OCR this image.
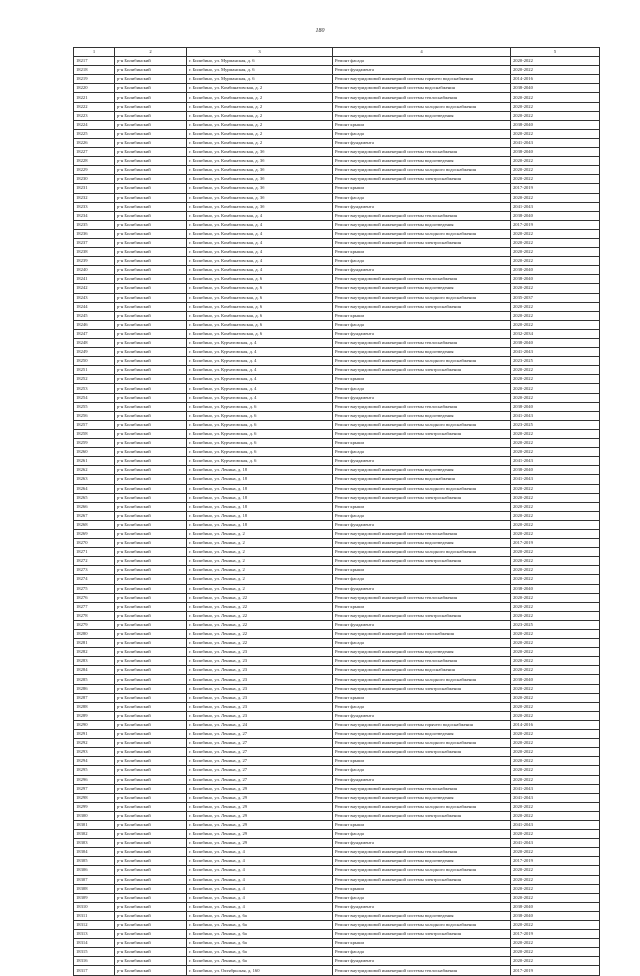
180
1	2	3	4	5
18217	р-н Билибинский	г. Билибино, ул. Мурманская, д. 6	Ремонт фасада	2020-2022
18218	р-н Билибинский	г. Билибино, ул. Мурманская, д. 6	Ремонт фундамента	2020-2022
18219	р-н Билибинский	г. Билибино, ул. Мурманская, д. 6	Ремонт внутридомовой инженерной системы горячего водоснабжения	2014-2016
18220	р-н Билибинский	г. Билибино, ул. Комбинатовская, д. 2	Ремонт внутридомовой инженерной системы водоснабжения	2038-2040
18221	р-н Билибинский	г. Билибино, ул. Комбинатовская, д. 2	Ремонт внутридомовой инженерной системы теплоснабжения	2020-2022
18222	р-н Билибинский	г. Билибино, ул. Комбинатовская, д. 2	Ремонт внутридомовой инженерной системы холодного водоснабжения	2020-2022
18223	р-н Билибинский	г. Билибино, ул. Комбинатовская, д. 2	Ремонт внутридомовой инженерной системы водоотведения	2020-2022
18224	р-н Билибинский	г. Билибино, ул. Комбинатовская, д. 2	Ремонт крыши	2038-2040
18225	р-н Билибинский	г. Билибино, ул. Комбинатовская, д. 2	Ремонт фасада	2020-2022
18226	р-н Билибинский	г. Билибино, ул. Комбинатовская, д. 2	Ремонт фундамента	2041-2043
18227	р-н Билибинский	г. Билибино, ул. Комбинатовская, д. 3б	Ремонт внутридомовой инженерной системы теплоснабжения	2038-2040
18228	р-н Билибинский	г. Билибино, ул. Комбинатовская, д. 3б	Ремонт внутридомовой инженерной системы водоотведения	2020-2022
18229	р-н Билибинский	г. Билибино, ул. Комбинатовская, д. 3б	Ремонт внутридомовой инженерной системы холодного водоснабжения	2020-2022
18230	р-н Билибинский	г. Билибино, ул. Комбинатовская, д. 3б	Ремонт внутридомовой инженерной системы электроснабжения	2020-2022
18231	р-н Билибинский	г. Билибино, ул. Комбинатовская, д. 3б	Ремонт крыши	2017-2019
18232	р-н Билибинский	г. Билибино, ул. Комбинатовская, д. 3б	Ремонт фасада	2020-2022
18233	р-н Билибинский	г. Билибино, ул. Комбинатовская, д. 3б	Ремонт фундамента	2041-2043
18234	р-н Билибинский	г. Билибино, ул. Комбинатовская, д. 4	Ремонт внутридомовой инженерной системы теплоснабжения	2038-2040
18235	р-н Билибинский	г. Билибино, ул. Комбинатовская, д. 4	Ремонт внутридомовой инженерной системы водоотведения	2017-2019
18236	р-н Билибинский	г. Билибино, ул. Комбинатовская, д. 4	Ремонт внутридомовой инженерной системы холодного водоснабжения	2020-2022
18237	р-н Билибинский	г. Билибино, ул. Комбинатовская, д. 4	Ремонт внутридомовой инженерной системы электроснабжения	2020-2022
18238	р-н Билибинский	г. Билибино, ул. Комбинатовская, д. 4	Ремонт крыши	2020-2022
18239	р-н Билибинский	г. Билибино, ул. Комбинатовская, д. 4	Ремонт фасада	2020-2022
18240	р-н Билибинский	г. Билибино, ул. Комбинатовская, д. 4	Ремонт фундамента	2038-2040
18241	р-н Билибинский	г. Билибино, ул. Комбинатовская, д. 6	Ремонт внутридомовой инженерной системы теплоснабжения	2038-2040
18242	р-н Билибинский	г. Билибино, ул. Комбинатовская, д. 6	Ремонт внутридомовой инженерной системы водоотведения	2020-2022
18243	р-н Билибинский	г. Билибино, ул. Комбинатовская, д. 6	Ремонт внутридомовой инженерной системы холодного водоснабжения	2035-2037
18244	р-н Билибинский	г. Билибино, ул. Комбинатовская, д. 6	Ремонт внутридомовой инженерной системы электроснабжения	2020-2022
18245	р-н Билибинский	г. Билибино, ул. Комбинатовская, д. 6	Ремонт крыши	2020-2022
18246	р-н Билибинский	г. Билибино, ул. Комбинатовская, д. 6	Ремонт фасада	2020-2022
18247	р-н Билибинский	г. Билибино, ул. Комбинатовская, д. 6	Ремонт фундамента	2032-2034
18248	р-н Билибинский	г. Билибино, ул. Курчатовская, д. 4	Ремонт внутридомовой инженерной системы теплоснабжения	2038-2040
18249	р-н Билибинский	г. Билибино, ул. Курчатовская, д. 4	Ремонт внутридомовой инженерной системы водоотведения	2041-2043
18250	р-н Билибинский	г. Билибино, ул. Курчатовская, д. 4	Ремонт внутридомовой инженерной системы холодного водоснабжения	2023-2025
18251	р-н Билибинский	г. Билибино, ул. Курчатовская, д. 4	Ремонт внутридомовой инженерной системы электроснабжения	2020-2022
18252	р-н Билибинский	г. Билибино, ул. Курчатовская, д. 4	Ремонт крыши	2020-2022
18253	р-н Билибинский	г. Билибино, ул. Курчатовская, д. 4	Ремонт фасада	2020-2022
18254	р-н Билибинский	г. Билибино, ул. Курчатовская, д. 4	Ремонт фундамента	2020-2022
18255	р-н Билибинский	г. Билибино, ул. Курчатовская, д. 6	Ремонт внутридомовой инженерной системы теплоснабжения	2038-2040
18256	р-н Билибинский	г. Билибино, ул. Курчатовская, д. 6	Ремонт внутридомовой инженерной системы водоотведения	2041-2043
18257	р-н Билибинский	г. Билибино, ул. Курчатовская, д. 6	Ремонт внутридомовой инженерной системы холодного водоснабжения	2023-2025
18258	р-н Билибинский	г. Билибино, ул. Курчатовская, д. 6	Ремонт внутридомовой инженерной системы электроснабжения	2020-2022
18259	р-н Билибинский	г. Билибино, ул. Курчатовская, д. 6	Ремонт крыши	2020-2022
18260	р-н Билибинский	г. Билибино, ул. Курчатовская, д. 6	Ремонт фасада	2020-2022
18261	р-н Билибинский	г. Билибино, ул. Курчатовская, д. 6	Ремонт фундамента	2041-2043
18262	р-н Билибинский	г. Билибино, ул. Ленина, д. 18	Ремонт внутридомовой инженерной системы водоотведения	2038-2040
18263	р-н Билибинский	г. Билибино, ул. Ленина, д. 18	Ремонт внутридомовой инженерной системы водоснабжения	2041-2043
18264	р-н Билибинский	г. Билибино, ул. Ленина, д. 18	Ремонт внутридомовой инженерной системы холодного водоснабжения	2020-2022
18265	р-н Билибинский	г. Билибино, ул. Ленина, д. 18	Ремонт внутридомовой инженерной системы электроснабжения	2020-2022
18266	р-н Билибинский	г. Билибино, ул. Ленина, д. 18	Ремонт крыши	2020-2022
18267	р-н Билибинский	г. Билибино, ул. Ленина, д. 18	Ремонт фасада	2020-2022
18268	р-н Билибинский	г. Билибино, ул. Ленина, д. 18	Ремонт фундамента	2020-2022
18269	р-н Билибинский	г. Билибино, ул. Ленина, д. 2	Ремонт внутридомовой инженерной системы теплоснабжения	2020-2022
18270	р-н Билибинский	г. Билибино, ул. Ленина, д. 2	Ремонт внутридомовой инженерной системы водоотведения	2017-2019
18271	р-н Билибинский	г. Билибино, ул. Ленина, д. 2	Ремонт внутридомовой инженерной системы холодного водоснабжения	2020-2022
18272	р-н Билибинский	г. Билибино, ул. Ленина, д. 2	Ремонт внутридомовой инженерной системы электроснабжения	2020-2022
18273	р-н Билибинский	г. Билибино, ул. Ленина, д. 2	Ремонт крыши	2020-2022
18274	р-н Билибинский	г. Билибино, ул. Ленина, д. 2	Ремонт фасада	2020-2022
18275	р-н Билибинский	г. Билибино, ул. Ленина, д. 2	Ремонт фундамента	2038-2040
18276	р-н Билибинский	г. Билибино, ул. Ленина, д. 22	Ремонт внутридомовой инженерной системы теплоснабжения	2020-2022
18277	р-н Билибинский	г. Билибино, ул. Ленина, д. 22	Ремонт крыши	2020-2022
18278	р-н Билибинский	г. Билибино, ул. Ленина, д. 22	Ремонт внутридомовой инженерной системы электроснабжения	2020-2022
18279	р-н Билибинский	г. Билибино, ул. Ленина, д. 22	Ремонт фундамента	2023-2025
18280	р-н Билибинский	г. Билибино, ул. Ленина, д. 22	Ремонт внутридомовой инженерной системы газоснабжения	2020-2022
18281	р-н Билибинский	г. Билибино, ул. Ленина, д. 22	Ремонт фасада	2020-2022
18282	р-н Билибинский	г. Билибино, ул. Ленина, д. 23	Ремонт внутридомовой инженерной системы водоотведения	2020-2022
18283	р-н Билибинский	г. Билибино, ул. Ленина, д. 23	Ремонт внутридомовой инженерной системы теплоснабжения	2020-2022
18284	р-н Билибинский	г. Билибино, ул. Ленина, д. 23	Ремонт внутридомовой инженерной системы водоснабжения	2020-2022
18285	р-н Билибинский	г. Билибино, ул. Ленина, д. 23	Ремонт внутридомовой инженерной системы холодного водоснабжения	2038-2040
18286	р-н Билибинский	г. Билибино, ул. Ленина, д. 23	Ремонт внутридомовой инженерной системы электроснабжения	2020-2022
18287	р-н Билибинский	г. Билибино, ул. Ленина, д. 23	Ремонт крыши	2020-2022
18288	р-н Билибинский	г. Билибино, ул. Ленина, д. 23	Ремонт фасада	2020-2022
18289	р-н Билибинский	г. Билибино, ул. Ленина, д. 23	Ремонт фундамента	2020-2022
18290	р-н Билибинский	г. Билибино, ул. Ленина, д. 24	Ремонт внутридомовой инженерной системы горячего водоснабжения	2014-2016
18291	р-н Билибинский	г. Билибино, ул. Ленина, д. 27	Ремонт внутридомовой инженерной системы водоотведения	2020-2022
18292	р-н Билибинский	г. Билибино, ул. Ленина, д. 27	Ремонт внутридомовой инженерной системы холодного водоснабжения	2020-2022
18293	р-н Билибинский	г. Билибино, ул. Ленина, д. 27	Ремонт внутридомовой инженерной системы электроснабжения	2020-2022
18294	р-н Билибинский	г. Билибино, ул. Ленина, д. 27	Ремонт крыши	2020-2022
18295	р-н Билибинский	г. Билибино, ул. Ленина, д. 27	Ремонт фасада	2020-2022
18296	р-н Билибинский	г. Билибино, ул. Ленина, д. 27	Ремонт фундамента	2020-2022
18297	р-н Билибинский	г. Билибино, ул. Ленина, д. 29	Ремонт внутридомовой инженерной системы теплоснабжения	2041-2043
18298	р-н Билибинский	г. Билибино, ул. Ленина, д. 29	Ремонт внутридомовой инженерной системы водоотведения	2041-2043
18299	р-н Билибинский	г. Билибино, ул. Ленина, д. 29	Ремонт внутридомовой инженерной системы холодного водоснабжения	2020-2022
18300	р-н Билибинский	г. Билибино, ул. Ленина, д. 29	Ремонт внутридомовой инженерной системы электроснабжения	2020-2022
18301	р-н Билибинский	г. Билибино, ул. Ленина, д. 29	Ремонт крыши	2041-2043
18302	р-н Билибинский	г. Билибино, ул. Ленина, д. 29	Ремонт фасада	2020-2022
18303	р-н Билибинский	г. Билибино, ул. Ленина, д. 29	Ремонт фундамента	2041-2043
18304	р-н Билибинский	г. Билибино, ул. Ленина, д. 4	Ремонт внутридомовой инженерной системы теплоснабжения	2020-2022
18305	р-н Билибинский	г. Билибино, ул. Ленина, д. 4	Ремонт внутридомовой инженерной системы водоотведения	2017-2019
18306	р-н Билибинский	г. Билибино, ул. Ленина, д. 4	Ремонт внутридомовой инженерной системы холодного водоснабжения	2020-2022
18307	р-н Билибинский	г. Билибино, ул. Ленина, д. 4	Ремонт внутридомовой инженерной системы электроснабжения	2020-2022
18308	р-н Билибинский	г. Билибино, ул. Ленина, д. 4	Ремонт крыши	2020-2022
18309	р-н Билибинский	г. Билибино, ул. Ленина, д. 4	Ремонт фасада	2020-2022
18310	р-н Билибинский	г. Билибино, ул. Ленина, д. 4	Ремонт фундамента	2038-2040
18311	р-н Билибинский	г. Билибино, ул. Ленина, д. 6а	Ремонт внутридомовой инженерной системы водоотведения	2038-2040
18312	р-н Билибинский	г. Билибино, ул. Ленина, д. 6а	Ремонт внутридомовой инженерной системы холодного водоснабжения	2020-2022
18313	р-н Билибинский	г. Билибино, ул. Ленина, д. 6а	Ремонт внутридомовой инженерной системы электроснабжения	2017-2019
18314	р-н Билибинский	г. Билибино, ул. Ленина, д. 6а	Ремонт крыши	2020-2022
18315	р-н Билибинский	г. Билибино, ул. Ленина, д. 6а	Ремонт фасада	2020-2022
18316	р-н Билибинский	г. Билибино, ул. Ленина, д. 6а	Ремонт фундамента	2020-2022
18317	р-н Билибинский	г. Билибино, ул. Октябрьская, д. 160	Ремонт внутридомовой инженерной системы теплоснабжения	2017-2019
